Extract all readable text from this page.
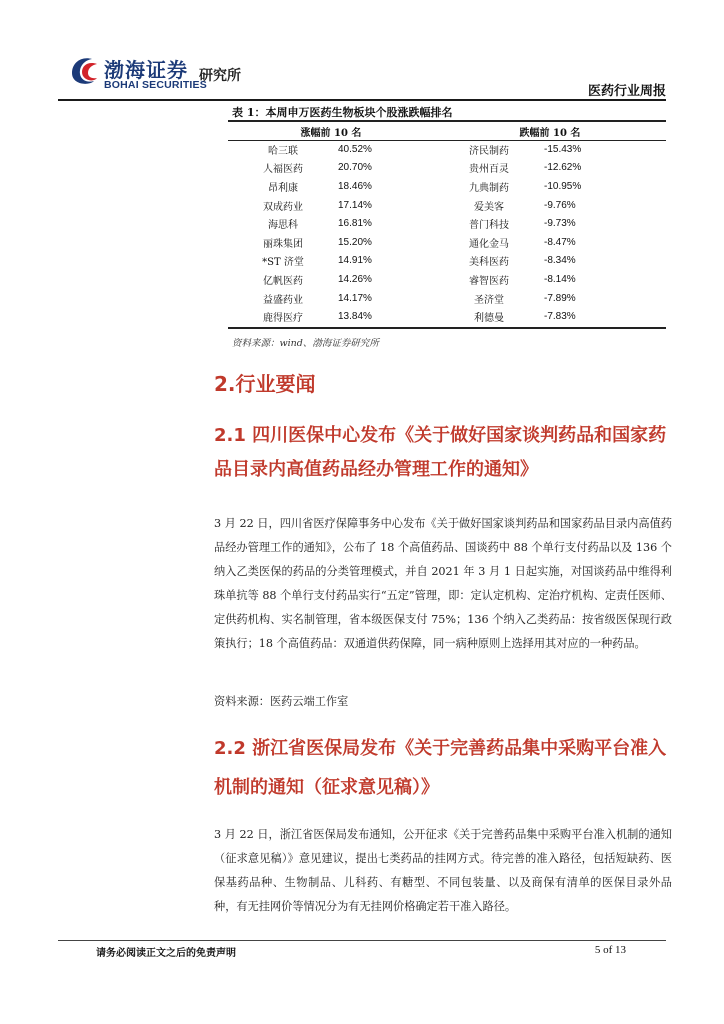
渤海证券
BOHAI SECURITIES
研究所
医药行业周报
表 1：本周申万医药生物板块个股涨跌幅排名
涨幅前 10 名		跌幅前 10 名	
哈三联	40.52%	济民制药	-15.43%
人福医药	20.70%	贵州百灵	-12.62%
昂利康	18.46%	九典制药	-10.95%
双成药业	17.14%	爱美客	-9.76%
海思科	16.81%	普门科技	-9.73%
丽珠集团	15.20%	通化金马	-8.47%
*ST 济堂	14.91%	美科医药	-8.34%
亿帆医药	14.26%	睿智医药	-8.14%
益盛药业	14.17%	圣济堂	-7.89%
鹿得医疗	13.84%	利德曼	-7.83%
资料来源：wind、渤海证券研究所
2.行业要闻
2.1 四川医保中心发布《关于做好国家谈判药品和国家药
品目录内高值药品经办管理工作的通知》

3 月 22 日，四川省医疗保障事务中心发布《关于做好国家谈判药品和国家药品目录内高值药品经办管理工作的通知》，公布了 18 个高值药品、国谈药中 88 个单行支付药品以及 136 个纳入乙类医保的药品的分类管理模式，并自 2021 年 3 月 1 日起实施，对国谈药品中维得利珠单抗等 88 个单行支付药品实行“五定”管理，即：定认定机构、定治疗机构、定责任医师、定供药机构、实名制管理，省本级医保支付 75%；136 个纳入乙类药品：按省级医保现行政策执行；18 个高值药品：双通道供药保障，同一病种原则上选择用其对应的一种药品。

资料来源：医药云端工作室
2.2 浙江省医保局发布《关于完善药品集中采购平台准入
机制的通知（征求意见稿）》

3 月 22 日，浙江省医保局发布通知，公开征求《关于完善药品集中采购平台准入机制的通知（征求意见稿）》意见建议，提出七类药品的挂网方式。待完善的准入路径，包括短缺药、医保基药品种、生物制品、儿科药、有糖型、不同包装量、以及商保有清单的医保目录外品种，有无挂网价等情况分为有无挂网价格确定若干准入路径。

请务必阅读正文之后的免责声明	5 of 13
